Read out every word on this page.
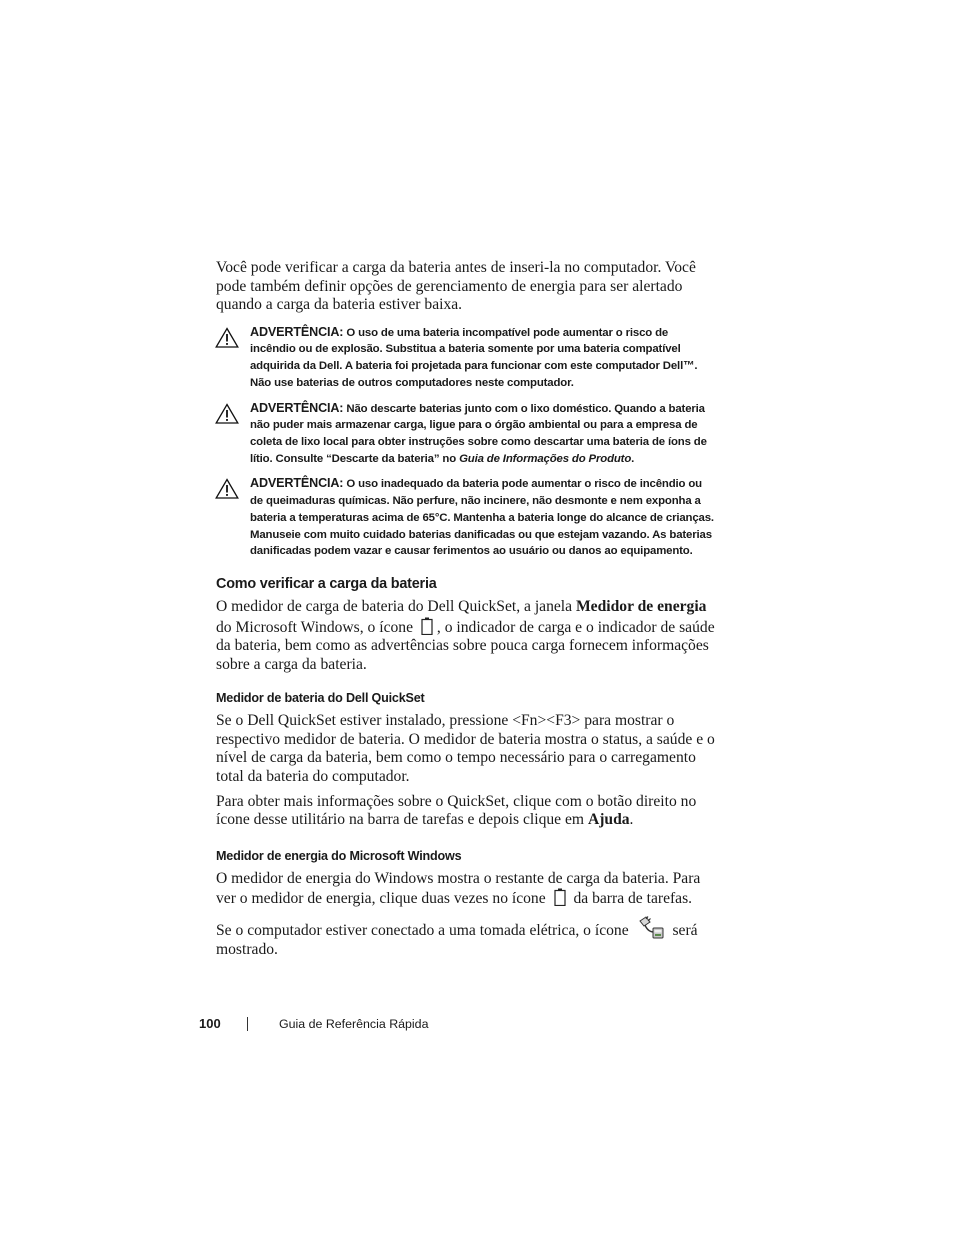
Você pode verificar a carga da bateria antes de inseri-la no computador. Você pode também definir opções de gerenciamento de energia para ser alertado quando a carga da bateria estiver baixa.

ADVERTÊNCIA: O uso de uma bateria incompatível pode aumentar o risco de incêndio ou de explosão. Substitua a bateria somente por uma bateria compatível adquirida da Dell. A bateria foi projetada para funcionar com este computador Dell™. Não use baterias de outros computadores neste computador.
ADVERTÊNCIA: Não descarte baterias junto com o lixo doméstico. Quando a bateria não puder mais armazenar carga, ligue para o órgão ambiental ou para a empresa de coleta de lixo local para obter instruções sobre como descartar uma bateria de íons de lítio. Consulte “Descarte da bateria” no Guia de Informações do Produto.
ADVERTÊNCIA: O uso inadequado da bateria pode aumentar o risco de incêndio ou de queimaduras químicas. Não perfure, não incinere, não desmonte e nem exponha a bateria a temperaturas acima de 65°C. Mantenha a bateria longe do alcance de crianças. Manuseie com muito cuidado baterias danificadas ou que estejam vazando. As baterias danificadas podem vazar e causar ferimentos ao usuário ou danos ao equipamento.
Como verificar a carga da bateria

O medidor de carga de bateria do Dell QuickSet, a janela Medidor de energia do Microsoft Windows, o ícone , o indicador de carga e o indicador de saúde da bateria, bem como as advertências sobre pouca carga fornecem informações sobre a carga da bateria.

Medidor de bateria do Dell QuickSet

Se o Dell QuickSet estiver instalado, pressione <Fn><F3> para mostrar o respectivo medidor de bateria. O medidor de bateria mostra o status, a saúde e o nível de carga da bateria, bem como o tempo necessário para o carregamento total da bateria do computador.

Para obter mais informações sobre o QuickSet, clique com o botão direito no ícone desse utilitário na barra de tarefas e depois clique em Ajuda.

Medidor de energia do Microsoft Windows

O medidor de energia do Windows mostra o restante de carga da bateria. Para ver o medidor de energia, clique duas vezes no ícone da barra de tarefas.

Se o computador estiver conectado a uma tomada elétrica, o ícone	será mostrado.

100	Guia de Referência Rápida
